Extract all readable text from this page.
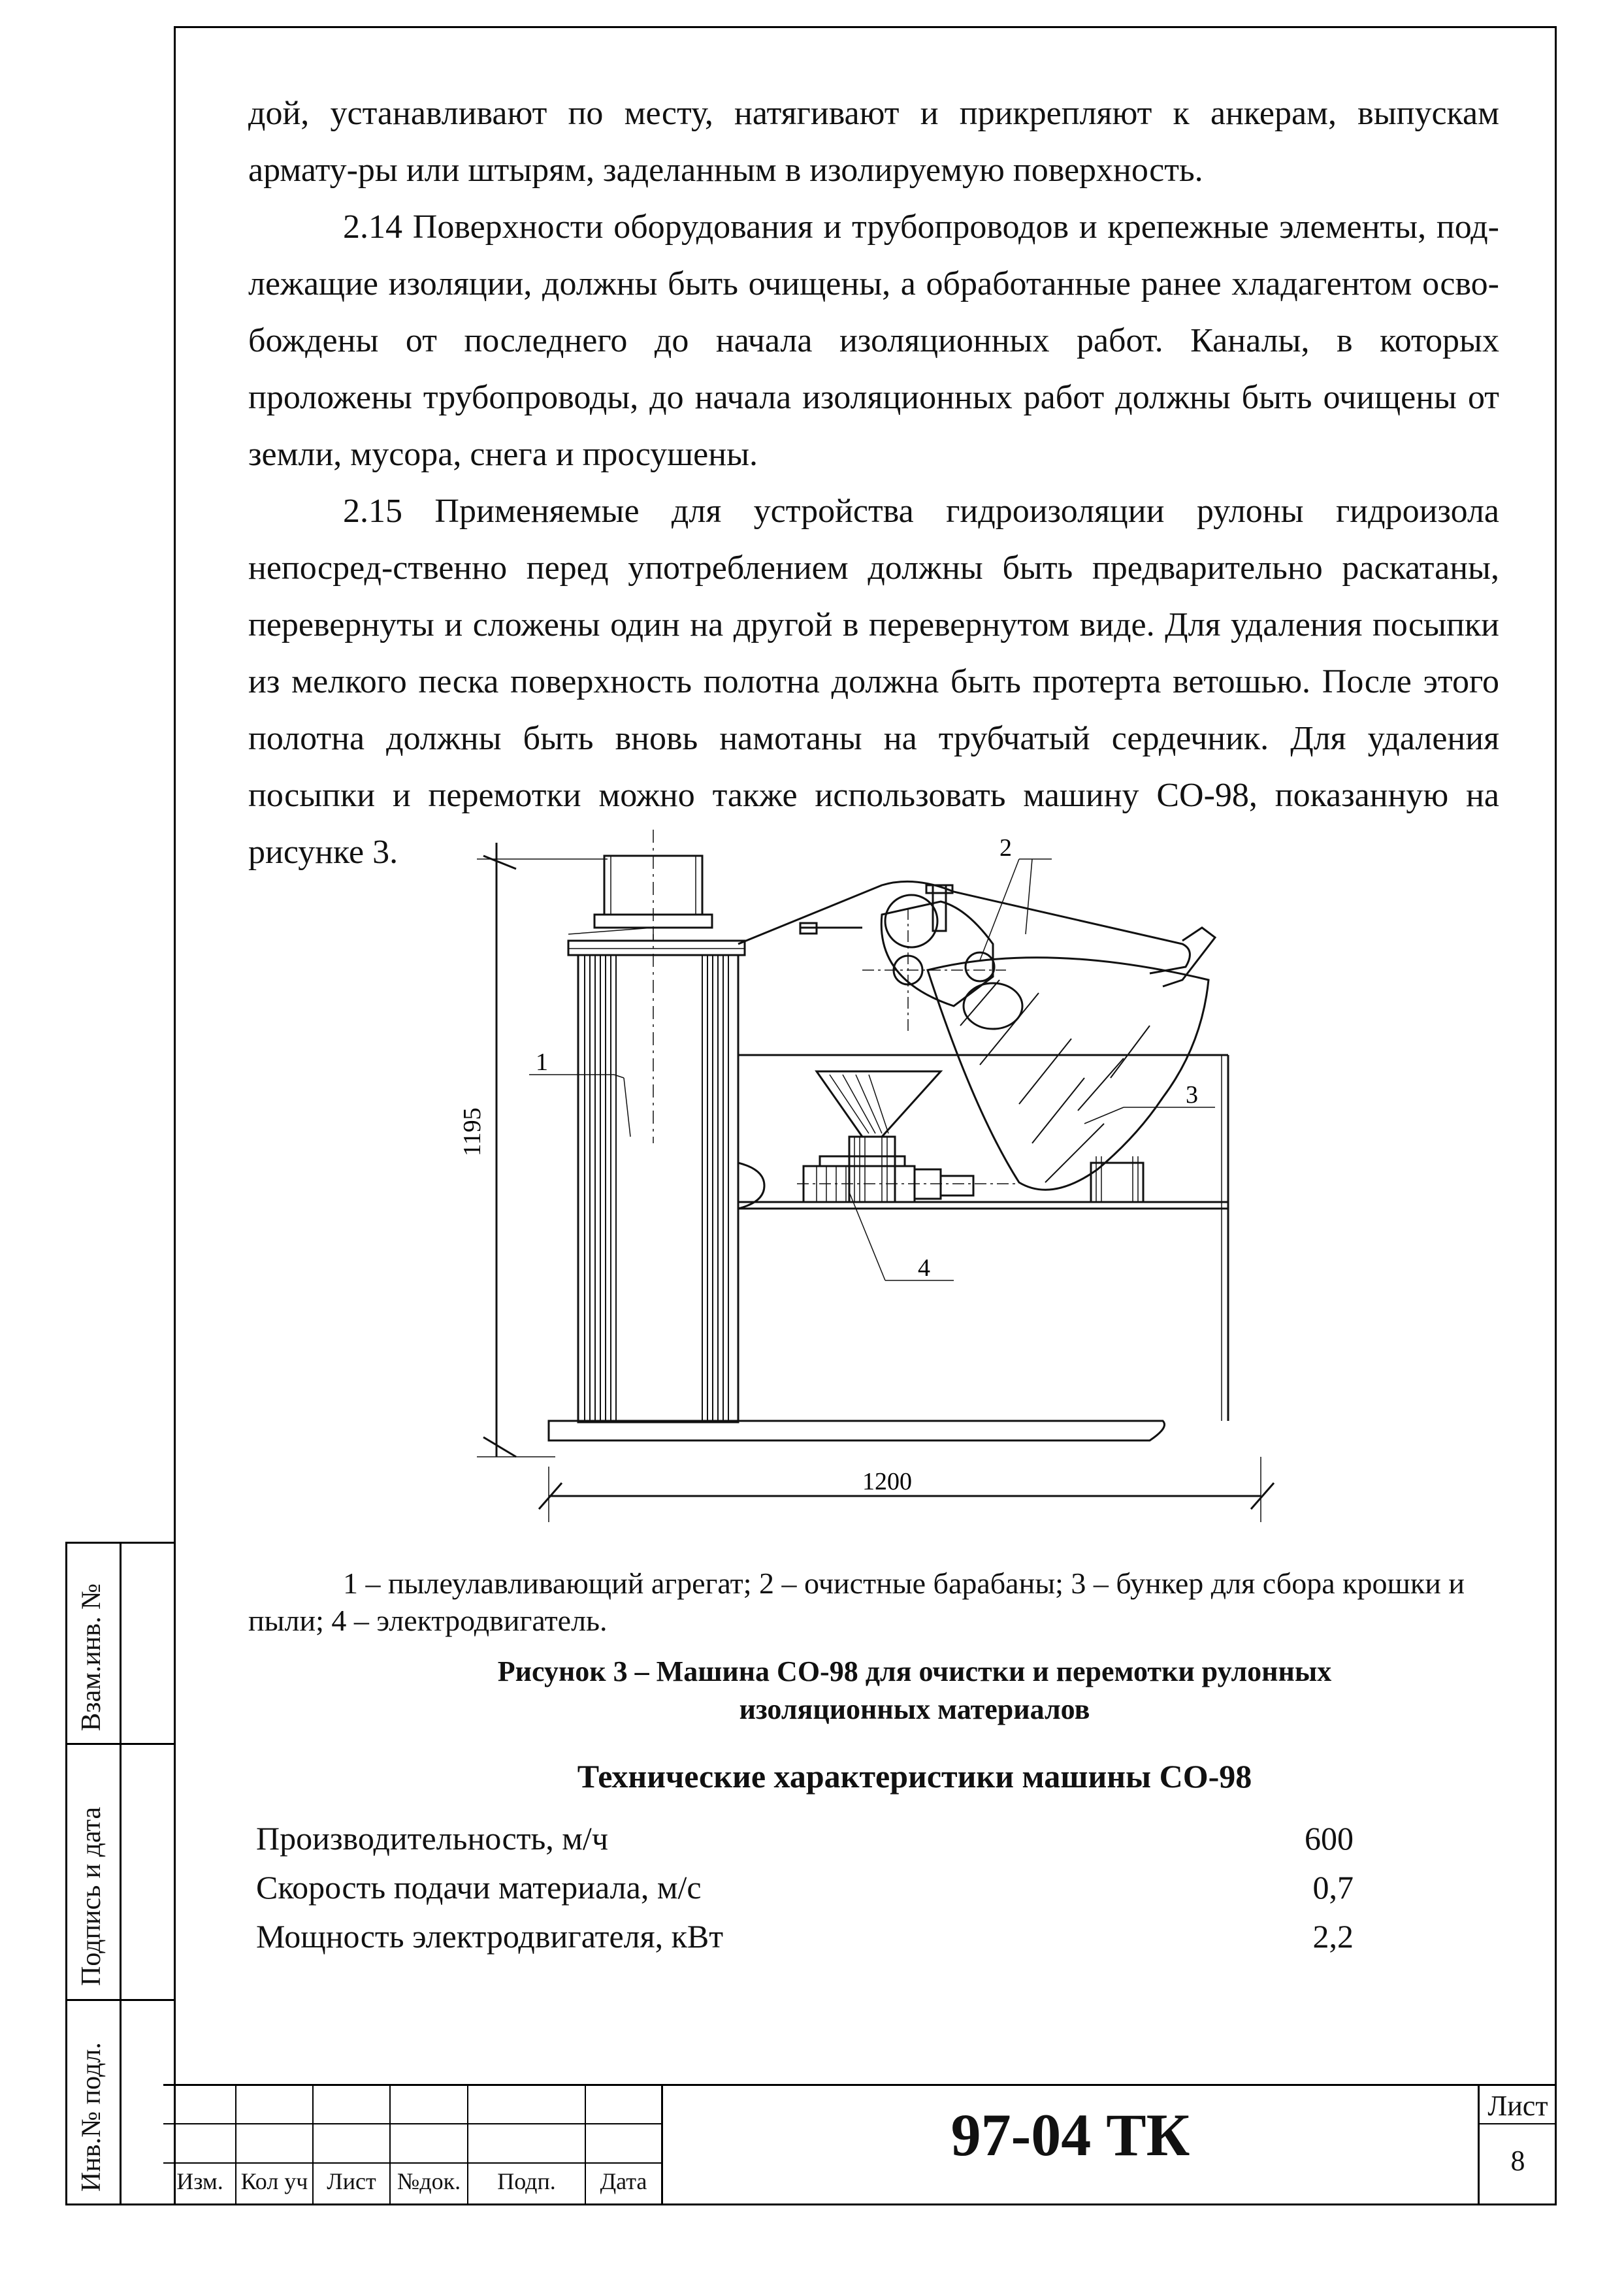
Взам.инв. №
Подпись и дата
Инв.№ подл.

дой, устанавливают по месту, натягивают и прикрепляют к анкерам, выпускам армату-ры или штырям, заделанным в изолируемую поверхность.

2.14 Поверхности оборудования и трубопроводов и крепежные элементы, под-лежащие изоляции, должны быть очищены, а обработанные ранее хладагентом осво-бождены от последнего до начала изоляционных работ. Каналы, в которых проложены трубопроводы, до начала изоляционных работ должны быть очищены от земли, мусора, снега и просушены.

2.15 Применяемые для устройства гидроизоляции рулоны гидроизола непосред-ственно перед употреблением должны быть предварительно раскатаны, перевернуты и сложены один на другой в перевернутом виде. Для удаления посыпки из мелкого песка поверхность полотна должна быть протерта ветошью. После этого полотна должны быть вновь намотаны на трубчатый сердечник. Для удаления посыпки и перемотки можно также использовать машину СО-98, показанную на рисунке 3.

1195
1200
1
2
3
4
1 – пылеулавливающий агрегат; 2 – очистные барабаны; 3 – бункер для сбора крошки и
пыли; 4 – электродвигатель.
Рисунок 3 – Машина СО-98 для очистки и перемотки рулонных
изоляционных материалов
Технические характеристики машины СО-98
Производительность, м/ч	600
Скорость подачи материала, м/с	0,7
Мощность электродвигателя, кВт	2,2
Изм. Кол уч Лист №док.	Подп.	Дата
97-04 ТК	Лист
8
